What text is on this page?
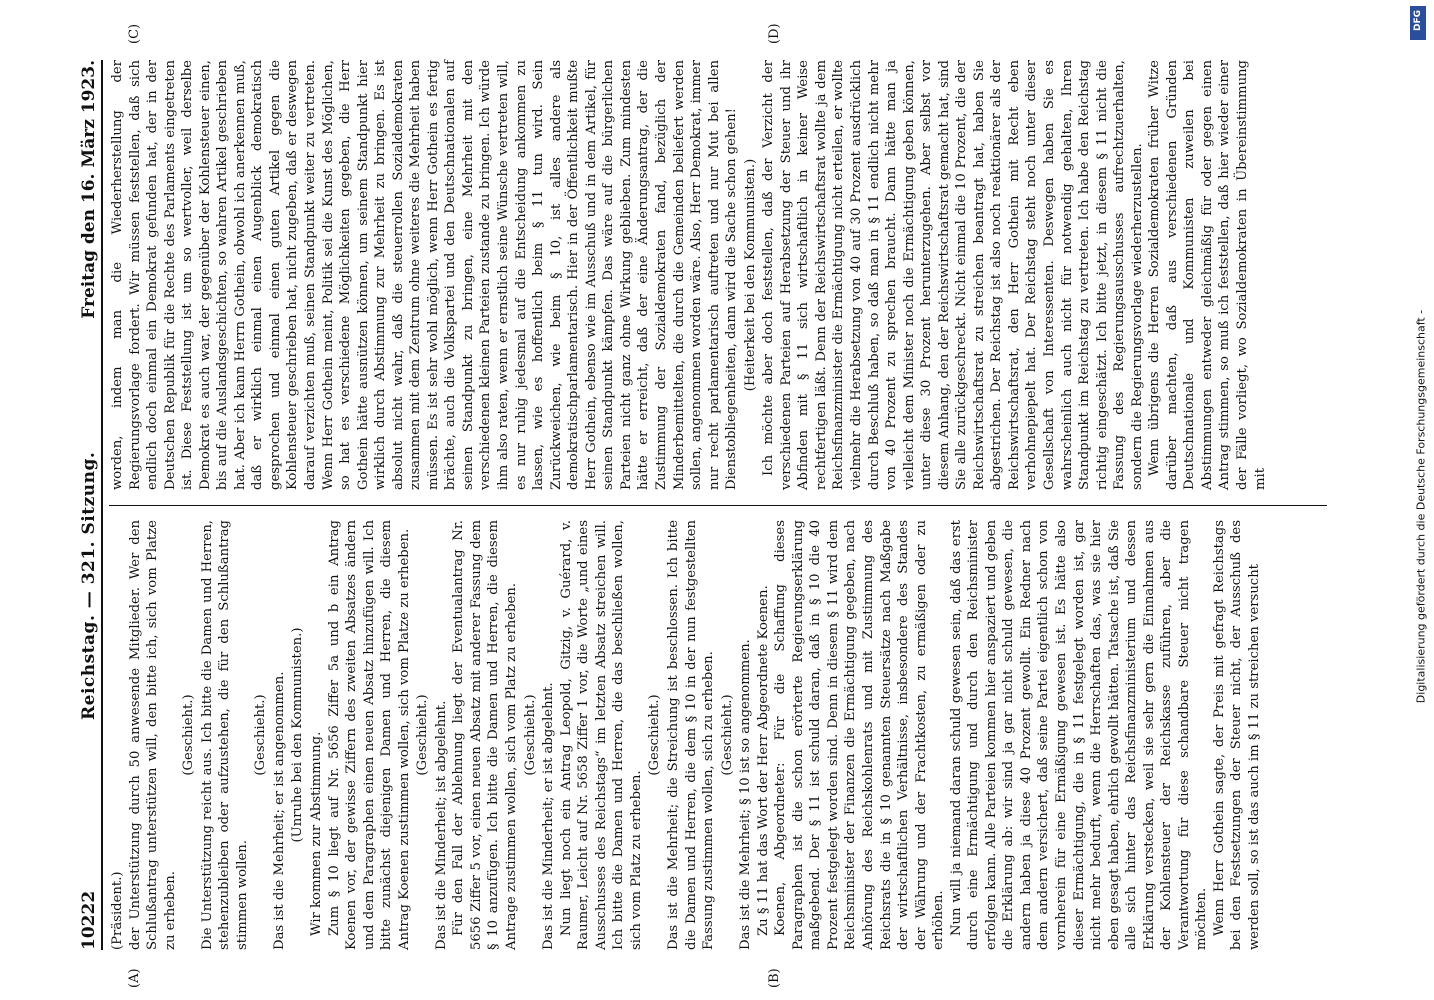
10222
Reichstag. — 321. Sitzung.
Freitag den 16. März 1923.
(A)	(B)
(C)	(D)

(Präsident.) der Unterstützung durch 50 anwesende Mitglieder. Wer den Schlußantrag unterstützen will, den bitte ich, sich vom Platze zu erheben.

(Geschieht.) Die Unterstützung reicht aus. Ich bitte die Damen und Herren, stehenzubleiben oder aufzustehen, die für den Schlußantrag stimmen wollen.

(Geschieht.) Das ist die Mehrheit; er ist angenommen. (Unruhe bei den Kommunisten.) Wir kommen zur Abstimmung. Zum § 10 liegt auf Nr. 5656 Ziffer 5a und b ein Antrag Koenen vor, der gewisse Ziffern des zweiten Absatzes ändern und dem Paragraphen einen neuen Absatz hinzufügen will. Ich bitte zunächst diejenigen Damen und Herren, die diesem Antrag Koenen zustimmen wollen, sich vom Platze zu erheben. (Geschieht.) Das ist die Minderheit; ist abgelehnt. Für den Fall der Ablehnung liegt der Eventualantrag Nr. 5656 Ziffer 5 vor, einen neuen Absatz mit anderer Fassung dem § 10 anzufügen. Ich bitte die Damen und Herren, die diesem Antrage zustimmen wollen, sich vom Platz zu erheben. (Geschieht.) Das ist die Minderheit; er ist abgelehnt. Nun liegt noch ein Antrag Leopold, Gitzig, v. Guérard, v. Raumer, Leicht auf Nr. 5658 Ziffer 1 vor, die Worte „und eines Ausschusses des Reichstags“ im letzten Absatz streichen will. Ich bitte die Damen und Herren, die das beschließen wollen, sich vom Platz zu erheben.

(Geschieht.) Das ist die Mehrheit; die Streichung ist beschlossen. Ich bitte die Damen und Herren, die dem § 10 in der nun festgestellten Fassung zustimmen wollen, sich zu erheben. (Geschieht.) Das ist die Mehrheit; § 10 ist so angenommen. Zu § 11 hat das Wort der Herr Abgeordnete Koenen. Koenen, Abgeordneter: Für die Schaffung dieses Paragraphen ist die schon erörterte Regierungserklärung maßgebend. Der § 11 ist schuld daran, daß in § 10 die 40 Prozent festgelegt worden sind. Denn in diesem § 11 wird dem Reichsminister der Finanzen die Ermächtigung gegeben, nach Anhörung des Reichskohlenrats und mit Zustimmung des Reichsrats die in § 10 genannten Steuersätze nach Maßgabe der wirtschaftlichen Verhältnisse, insbesondere des Standes der Währung und der Frachtkosten, zu ermäßigen oder zu erhöhen. Nun will ja niemand daran schuld gewesen sein, daß das erst durch eine Ermächtigung und durch den Reichsminister erfolgen kann. Alle Parteien kommen hier anspaziert und geben die Erklärung ab: wir sind ja gar nicht schuld gewesen, die andern haben ja diese 40 Prozent gewollt. Ein Redner nach dem andern versichert, daß seine Partei eigentlich schon von vornherein für eine Ermäßigung gewesen ist. Es hätte also dieser Ermächtigung, die in § 11 festgelegt worden ist, gar nicht mehr bedurft, wenn die Herrschaften das, was sie hier eben gesagt haben, ehrlich gewollt hätten. Tatsache ist, daß Sie alle sich hinter das Reichsfinanzministerium und dessen Erklärung verstecken, weil sie sehr gern die Einnahmen aus der Kohlensteuer der Reichskasse zuführen, aber die Verantwortung für diese schandbare Steuer nicht tragen möchten. Wenn Herr Gothein sagte, der Preis mit gefragt Reichstags bei den Festsetzungen der Steuer nicht, der Ausschuß des werden soll, so ist das auch im § 11 zu streichen versucht

worden, indem man die Wiederherstellung der Regierungsvorlage fordert. Wir müssen feststellen, daß sich endlich doch einmal ein Demokrat gefunden hat, der in der Deutschen Republik für die Rechte des Parlaments eingetreten ist. Diese Feststellung ist um so wertvoller, weil derselbe Demokrat es auch war, der gegenüber der Kohlensteuer einen, bis auf die Auslandsgeschichten, so wahren Artikel geschrieben hat. Aber ich kann Herrn Gothein, obwohl ich anerkennen muß, daß er wirklich einmal einen Augenblick demokratisch gesprochen und einmal einen guten Artikel gegen die Kohlensteuer geschrieben hat, nicht zugeben, daß er deswegen darauf verzichten muß, seinen Standpunkt weiter zu vertreten. Wenn Herr Gothein meint, Politik sei die Kunst des Möglichen, so hat es verschiedene Möglichkeiten gegeben, die Herr Gothein hätte ausnützen können, um seinem Standpunkt hier wirklich durch Abstimmung zur Mehrheit zu bringen. Es ist absolut nicht wahr, daß die steuerrollen Sozialdemokraten zusammen mit dem Zentrum ohne weiteres die Mehrheit haben müssen. Es ist sehr wohl möglich, wenn Herr Gothein es fertig brächte, auch die Volkspartei und den Deutschnationalen auf seinen Standpunkt zu bringen, eine Mehrheit mit den verschiedenen kleinen Parteien zustande zu bringen. Ich würde ihm also raten, wenn er ernstlich seine Wünsche vertreten will, es nur ruhig jedesmal auf die Entscheidung ankommen zu lassen, wie es hoffentlich beim § 11 tun wird. Sein Zurückweichen, wie beim § 10, ist alles andere als demokratischparlamentarisch. Hier in der Öffentlichkeit mußte Herr Gothein, ebenso wie im Ausschuß und in dem Artikel, für seinen Standpunkt kämpfen. Das wäre auf die bürgerlichen Parteien nicht ganz ohne Wirkung geblieben. Zum mindesten hätte er erreicht, daß der eine Änderungsantrag, der die Zustimmung der Sozialdemokraten fand, bezüglich der Minderbemittelten, die durch die Gemeinden beliefert werden sollen, angenommen worden wäre. Also, Herr Demokrat, immer nur recht parlamentarisch auftreten und nur Mut bei allen Dienstobliegenheiten, dann wird die Sache schon gehen! (Heiterkeit bei den Kommunisten.) Ich möchte aber doch feststellen, daß der Verzicht der verschiedenen Parteien auf Herabsetzung der Steuer und ihr Abfinden mit § 11 sich wirtschaftlich in keiner Weise rechtfertigen läßt. Denn der Reichswirtschaftsrat wollte ja dem Reichsfinanzminister die Ermächtigung nicht erteilen, er wollte vielmehr die Herabsetzung von 40 auf 30 Prozent ausdrücklich durch Beschluß haben, so daß man in § 11 endlich nicht mehr von 40 Prozent zu sprechen braucht. Dann hätte man ja vielleicht dem Minister noch die Ermächtigung geben können, unter diese 30 Prozent herunterzugehen. Aber selbst vor diesem Anhang, den der Reichswirtschaftsrat gemacht hat, sind Sie alle zurückgeschreckt. Nicht einmal die 10 Prozent, die der Reichswirtschaftsrat zu streichen beantragt hat, haben Sie abgestrichen. Der Reichstag ist also noch reaktionärer als der Reichswirtschaftsrat, den Herr Gothein mit Recht eben verhohnepiepelt hat. Der Reichstag steht noch unter dieser Gesellschaft von Interessenten. Deswegen haben Sie es wahrscheinlich auch nicht für notwendig gehalten, Ihren Standpunkt im Reichstag zu vertreten. Ich habe den Reichstag richtig eingeschätzt. Ich bitte jetzt, in diesem § 11 nicht die Fassung des Regierungsausschusses aufrechtzuerhalten, sondern die Regierungsvorlage wiederherzustellen. Wenn übrigens die Herren Sozialdemokraten früher Witze darüber machten, daß aus verschiedenen Gründen Deutschnationale und Kommunisten zuweilen bei Abstimmungen entweder gleichmäßig für oder gegen einen Antrag stimmen, so muß ich feststellen, daß hier wieder einer der Fälle vorliegt, wo Sozialdemokraten in Übereinstimmung mit	Digitalisierung gefördert durch die Deutsche Forschungsgemeinschaft -
DFG
